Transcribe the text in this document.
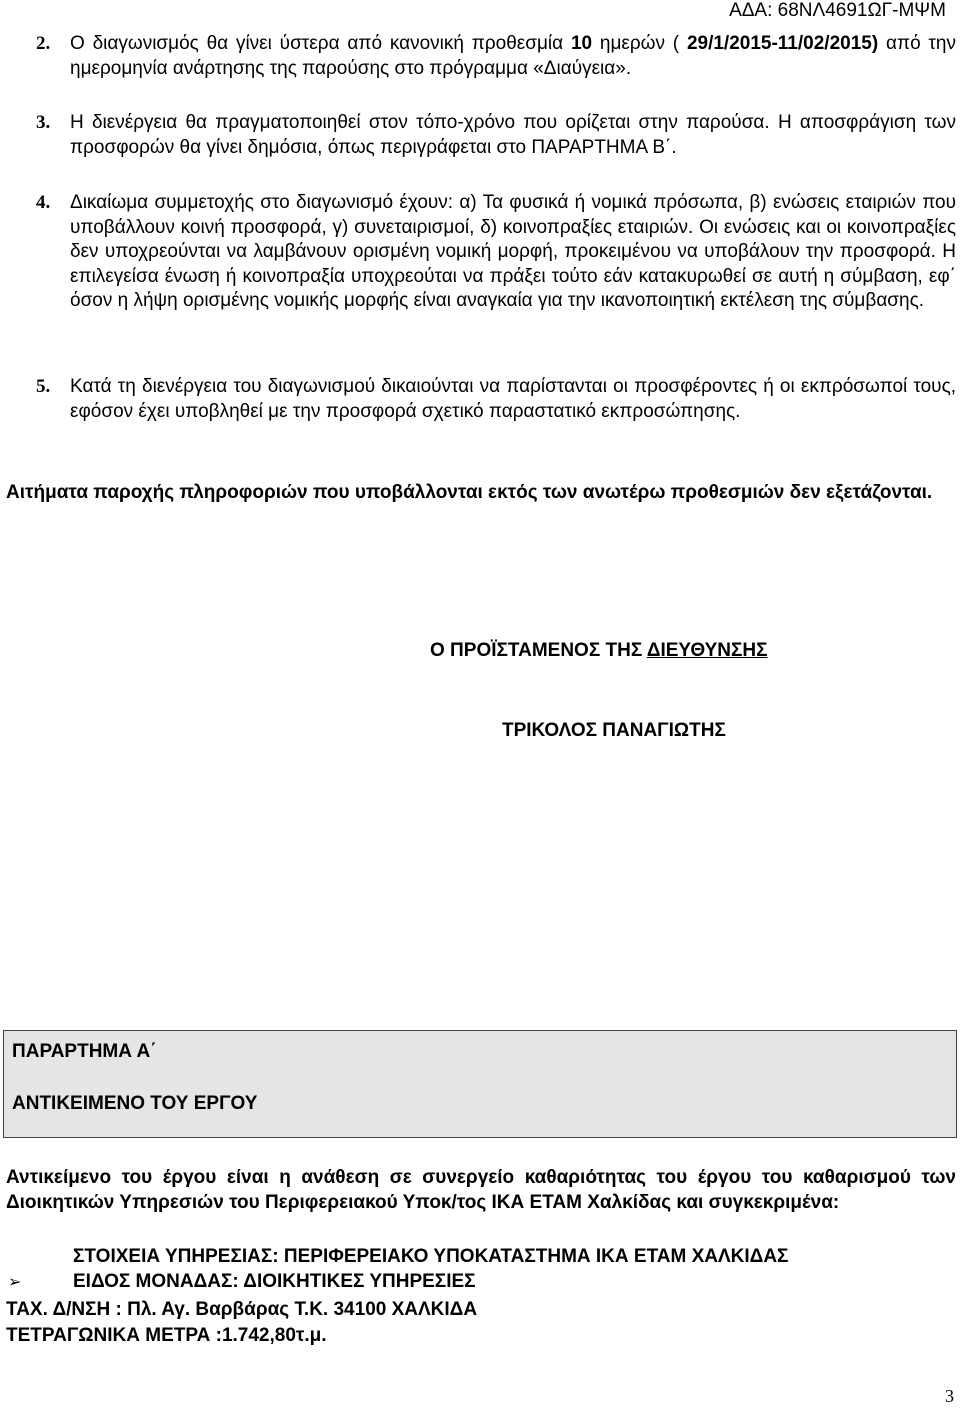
ΑΔΑ: 68ΝΛ4691ΩΓ-ΜΨΜ
2. Ο διαγωνισμός θα γίνει ύστερα από κανονική προθεσμία 10 ημερών ( 29/1/2015-11/02/2015) από την ημερομηνία ανάρτησης της παρούσης στο πρόγραμμα «Διαύγεια».
3. Η διενέργεια θα πραγματοποιηθεί στον τόπο-χρόνο που ορίζεται στην παρούσα. Η αποσφράγιση των προσφορών θα γίνει δημόσια, όπως περιγράφεται στο ΠΑΡΑΡΤΗΜΑ Β΄.
4. Δικαίωμα συμμετοχής στο διαγωνισμό έχουν: α) Τα φυσικά ή νομικά πρόσωπα, β) ενώσεις εταιριών που υποβάλλουν κοινή προσφορά, γ) συνεταιρισμοί, δ) κοινοπραξίες εταιριών. Οι ενώσεις και οι κοινοπραξίες δεν υποχρεούνται να λαμβάνουν ορισμένη νομική μορφή, προκειμένου να υποβάλουν την προσφορά. Η επιλεγείσα ένωση ή κοινοπραξία υποχρεούται να πράξει τούτο εάν κατακυρωθεί σε αυτή η σύμβαση, εφ΄ όσον η λήψη ορισμένης νομικής μορφής είναι αναγκαία για την ικανοποιητική εκτέλεση της σύμβασης.
5. Κατά τη διενέργεια του διαγωνισμού δικαιούνται να παρίστανται οι προσφέροντες ή οι εκπρόσωποί τους, εφόσον έχει υποβληθεί με την προσφορά σχετικό παραστατικό εκπροσώπησης.
Αιτήματα παροχής πληροφοριών που υποβάλλονται εκτός των ανωτέρω προθεσμιών δεν εξετάζονται.
Ο ΠΡΟΪΣΤΑΜΕΝΟΣ ΤΗΣ ΔΙΕΥΘΥΝΣΗΣ
ΤΡΙΚΟΛΟΣ ΠΑΝΑΓΙΩΤΗΣ
ΠΑΡΑΡΤΗΜΑ Α΄
ΑΝΤΙΚΕΙΜΕΝΟ ΤΟΥ ΕΡΓΟΥ
Αντικείμενο του έργου είναι η ανάθεση σε συνεργείο καθαριότητας του έργου του καθαρισμού των Διοικητικών Υπηρεσιών του Περιφερειακού Υποκ/τος ΙΚΑ ΕΤΑΜ Χαλκίδας και συγκεκριμένα:
ΣΤΟΙΧΕΙΑ ΥΠΗΡΕΣΙΑΣ: ΠΕΡΙΦΕΡΕΙΑΚΟ ΥΠΟΚΑΤΑΣΤΗΜΑ ΙΚΑ ΕΤΑΜ ΧΑΛΚΙΔΑΣ
➢	ΕΙΔΟΣ ΜΟΝΑΔΑΣ: ΔΙΟΙΚΗΤΙΚΕΣ ΥΠΗΡΕΣΙΕΣ
ΤΑΧ. Δ/ΝΣΗ : Πλ. Αγ. Βαρβάρας Τ.Κ. 34100 ΧΑΛΚΙΔΑ
ΤΕΤΡΑΓΩΝΙΚΑ ΜΕΤΡΑ :1.742,80τ.μ.
3
